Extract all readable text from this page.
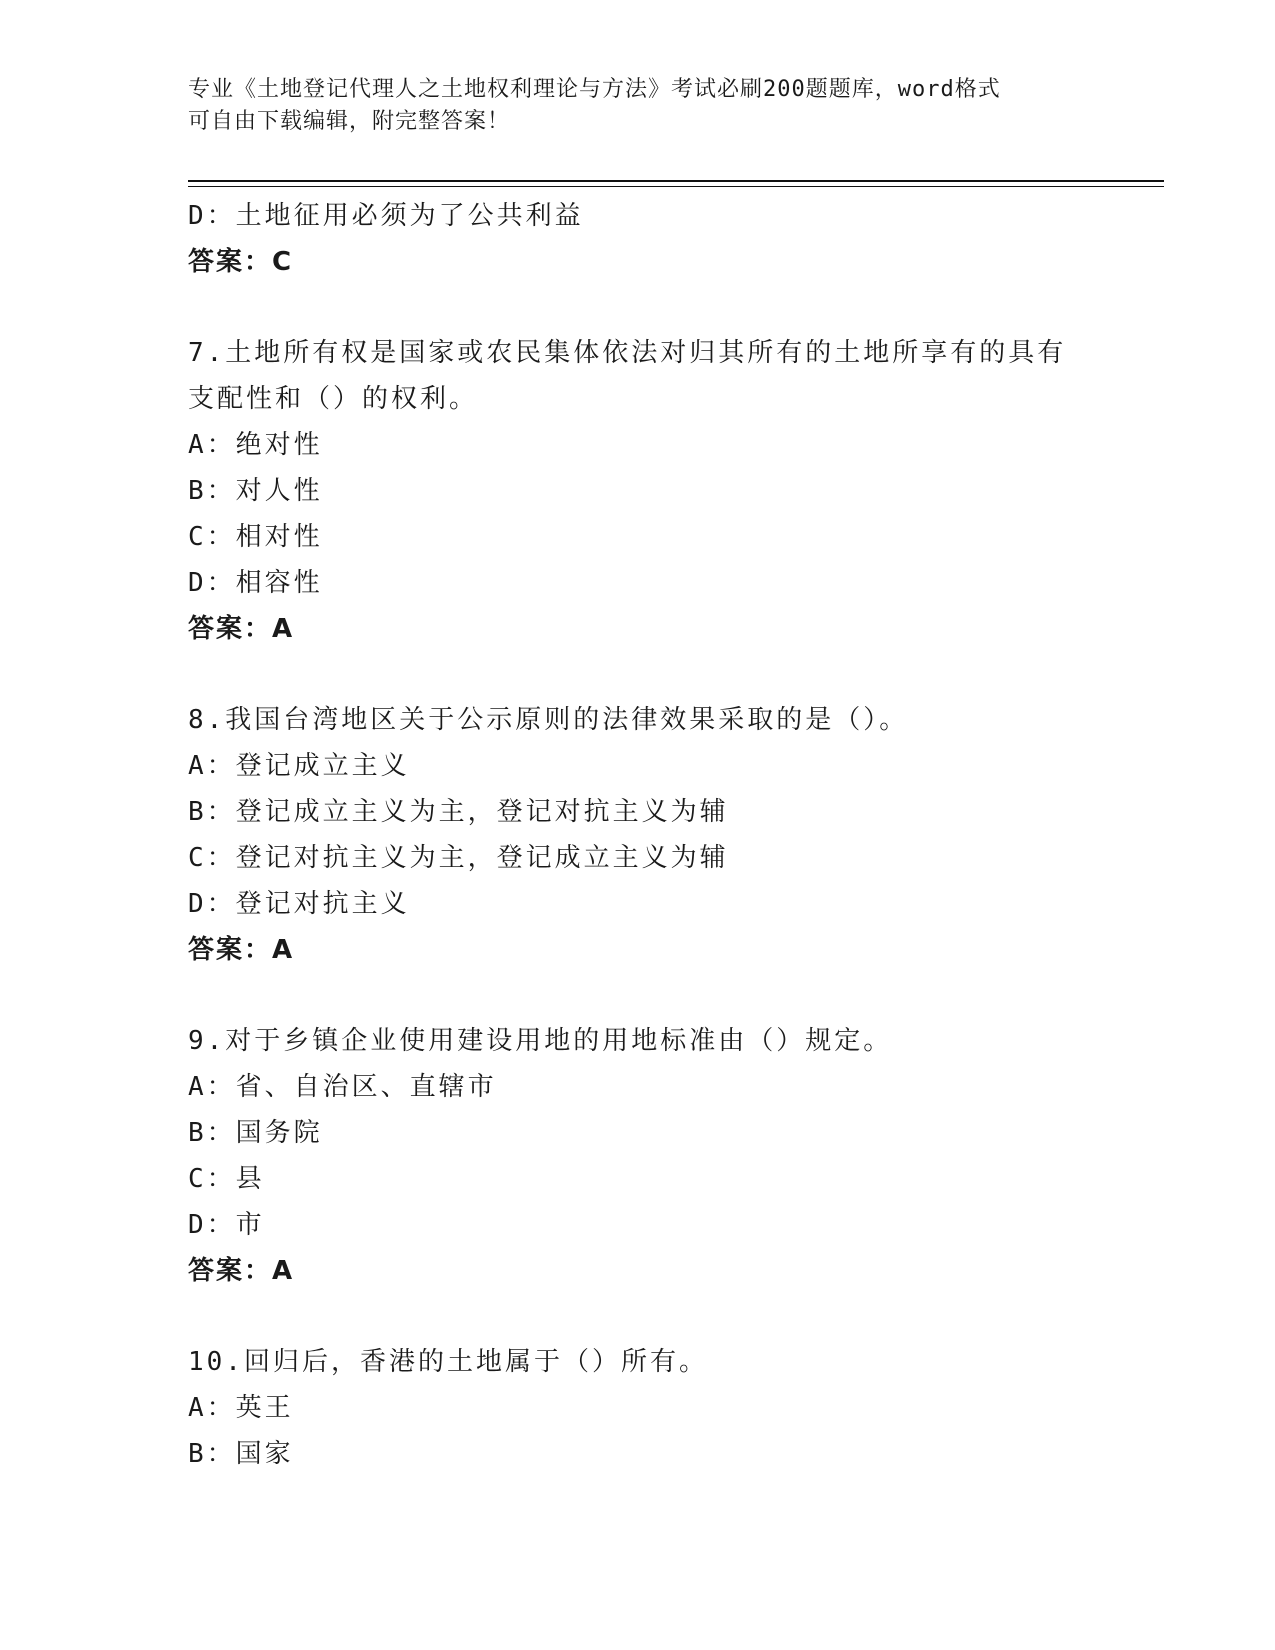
专业《土地登记代理人之土地权利理论与方法》考试必刷200题题库，word格式
可自由下载编辑，附完整答案！
D：土地征用必须为了公共利益
答案：C
7.土地所有权是国家或农民集体依法对归其所有的土地所享有的具有
支配性和（）的权利。
A：绝对性
B：对人性
C：相对性
D：相容性
答案：A
8.我国台湾地区关于公示原则的法律效果采取的是（）。
A：登记成立主义
B：登记成立主义为主，登记对抗主义为辅
C：登记对抗主义为主，登记成立主义为辅
D：登记对抗主义
答案：A
9.对于乡镇企业使用建设用地的用地标准由（）规定。
A：省、自治区、直辖市
B：国务院
C：县
D：市
答案：A
10.回归后，香港的土地属于（）所有。
A：英王
B：国家
